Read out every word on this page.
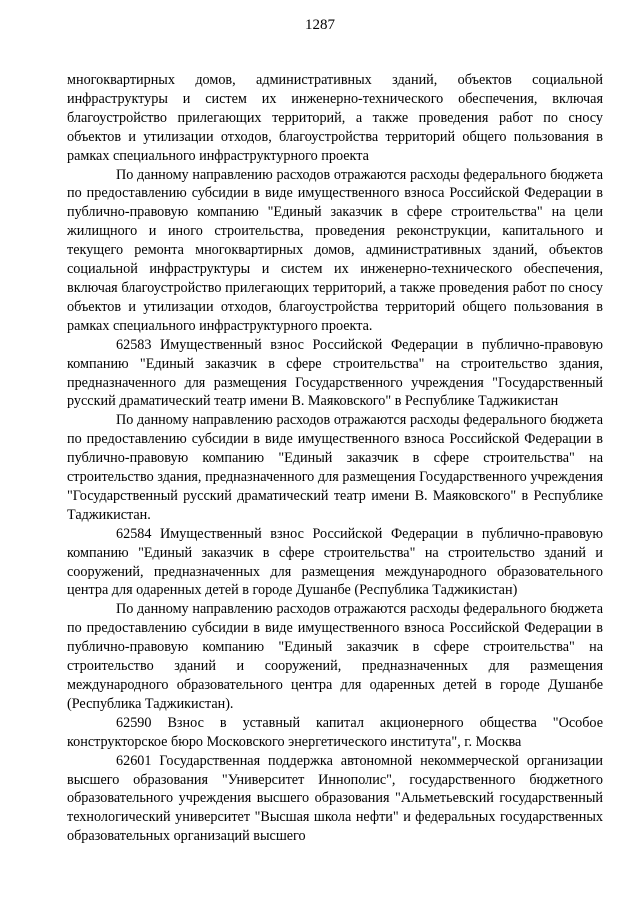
1287

многоквартирных домов, административных зданий, объектов социальной инфраструктуры и систем их инженерно-технического обеспечения, включая благоустройство прилегающих территорий, а также проведения работ по сносу объектов и утилизации отходов, благоустройства территорий общего пользования в рамках специального инфраструктурного проекта

По данному направлению расходов отражаются расходы федерального бюджета по предоставлению субсидии в виде имущественного взноса Российской Федерации в публично-правовую компанию "Единый заказчик в сфере строительства" на цели жилищного и иного строительства, проведения реконструкции, капитального и текущего ремонта многоквартирных домов, административных зданий, объектов социальной инфраструктуры и систем их инженерно-технического обеспечения, включая благоустройство прилегающих территорий, а также проведения работ по сносу объектов и утилизации отходов, благоустройства территорий общего пользования в рамках специального инфраструктурного проекта.

62583 Имущественный взнос Российской Федерации в публично-правовую компанию "Единый заказчик в сфере строительства" на строительство здания, предназначенного для размещения Государственного учреждения "Государственный русский драматический театр имени В. Маяковского" в Республике Таджикистан

По данному направлению расходов отражаются расходы федерального бюджета по предоставлению субсидии в виде имущественного взноса Российской Федерации в публично-правовую компанию "Единый заказчик в сфере строительства" на строительство здания, предназначенного для размещения Государственного учреждения "Государственный русский драматический театр имени В. Маяковского" в Республике Таджикистан.

62584 Имущественный взнос Российской Федерации в публично-правовую компанию "Единый заказчик в сфере строительства" на строительство зданий и сооружений, предназначенных для размещения международного образовательного центра для одаренных детей в городе Душанбе (Республика Таджикистан)

По данному направлению расходов отражаются расходы федерального бюджета по предоставлению субсидии в виде имущественного взноса Российской Федерации в публично-правовую компанию "Единый заказчик в сфере строительства" на строительство зданий и сооружений, предназначенных для размещения международного образовательного центра для одаренных детей в городе Душанбе (Республика Таджикистан).

62590 Взнос в уставный капитал акционерного общества "Особое конструкторское бюро Московского энергетического института", г. Москва

62601 Государственная поддержка автономной некоммерческой организации высшего образования "Университет Иннополис", государственного бюджетного образовательного учреждения высшего образования "Альметьевский государственный технологический университет "Высшая школа нефти" и федеральных государственных образовательных организаций высшего
